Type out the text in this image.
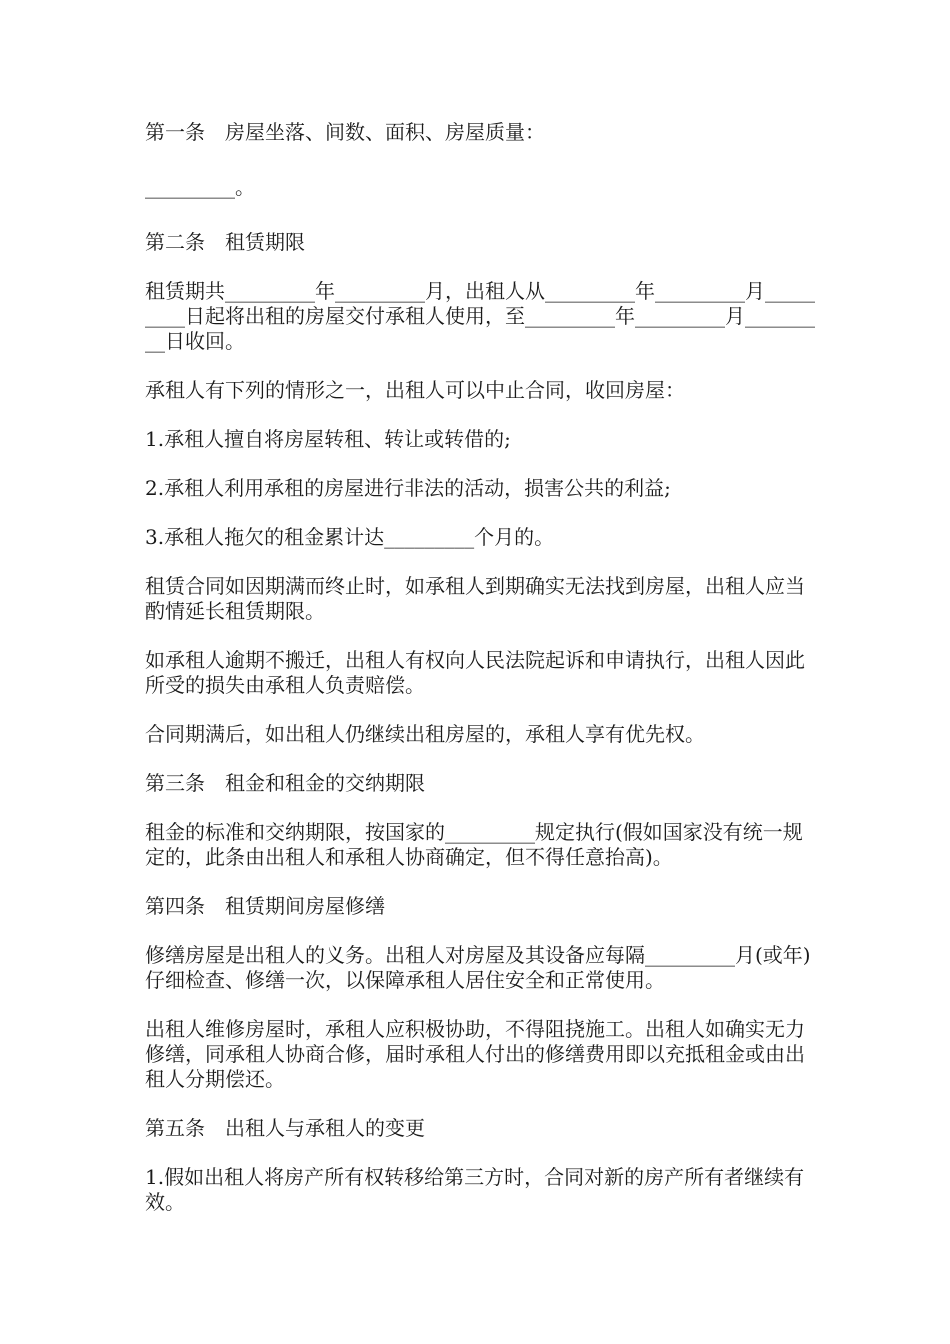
第一条　房屋坐落、间数、面积、房屋质量：

_________。

第二条　租赁期限

租赁期共_________年_________月，出租人从_________年_________月_________日起将出租的房屋交付承租人使用，至_________年_________月_________日收回。

承租人有下列的情形之一，出租人可以中止合同，收回房屋：

1.承租人擅自将房屋转租、转让或转借的;

2.承租人利用承租的房屋进行非法的活动，损害公共的利益;

3.承租人拖欠的租金累计达_________个月的。

租赁合同如因期满而终止时，如承租人到期确实无法找到房屋，出租人应当酌情延长租赁期限。

如承租人逾期不搬迁，出租人有权向人民法院起诉和申请执行，出租人因此所受的损失由承租人负责赔偿。

合同期满后，如出租人仍继续出租房屋的，承租人享有优先权。

第三条　租金和租金的交纳期限

租金的标准和交纳期限，按国家的_________规定执行(假如国家没有统一规定的，此条由出租人和承租人协商确定，但不得任意抬高)。

第四条　租赁期间房屋修缮

修缮房屋是出租人的义务。出租人对房屋及其设备应每隔_________月(或年)仔细检查、修缮一次，以保障承租人居住安全和正常使用。

出租人维修房屋时，承租人应积极协助，不得阻挠施工。出租人如确实无力修缮，同承租人协商合修，届时承租人付出的修缮费用即以充抵租金或由出租人分期偿还。

第五条　出租人与承租人的变更

1.假如出租人将房产所有权转移给第三方时，合同对新的房产所有者继续有效。
